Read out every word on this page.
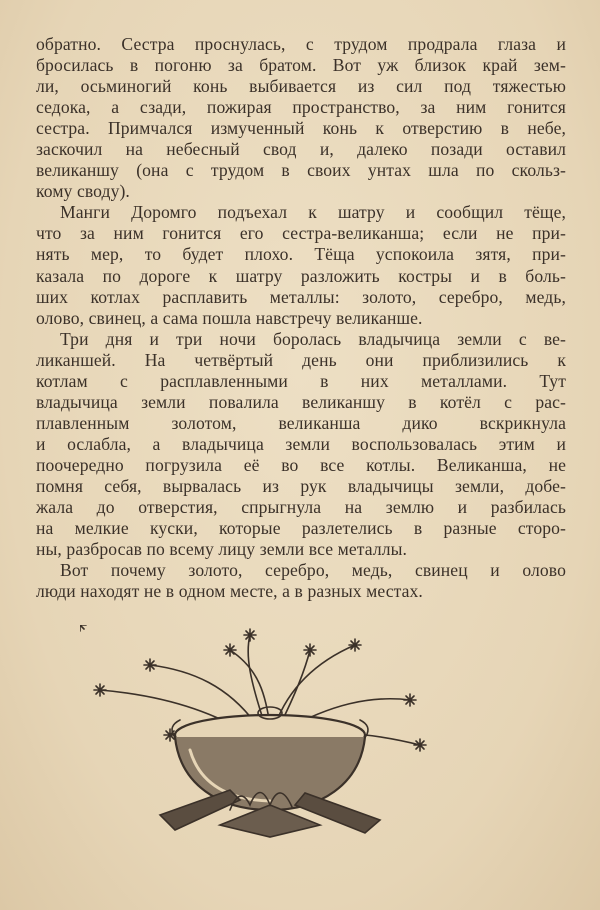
обратно. Сестра проснулась, с трудом продрала глаза и
бросилась в погоню за братом. Вот уж близок край зем-
ли, осьминогий конь выбивается из сил под тяжестью
седока, а сзади, пожирая пространство, за ним гонится
сестра. Примчался измученный конь к отверстию в небе,
заскочил на небесный свод и, далеко позади оставил
великаншу (она с трудом в своих унтах шла по скольз-
кому своду).
Манги Доромго подъехал к шатру и сообщил тёще,
что за ним гонится его сестра-великанша; если не при-
нять мер, то будет плохо. Тёща успокоила зятя, при-
казала по дороге к шатру разложить костры и в боль-
ших котлах расплавить металлы: золото, серебро, медь,
олово, свинец, а сама пошла навстречу великанше.
Три дня и три ночи боролась владычица земли с ве-
ликаншей. На четвёртый день они приблизились к
котлам с расплавленными в них металлами. Тут
владычица земли повалила великаншу в котёл с рас-
плавленным золотом, великанша дико вскрикнула
и ослабла, а владычица земли воспользовалась этим и
поочередно погрузила её во все котлы. Великанша, не
помня себя, вырвалась из рук владычицы земли, добе-
жала до отверстия, спрыгнула на землю и разбилась
на мелкие куски, которые разлетелись в разные сторо-
ны, разбросав по всему лицу земли все металлы.
Вот почему золото, серебро, медь, свинец и олово
люди находят не в одном месте, а в разных местах.
